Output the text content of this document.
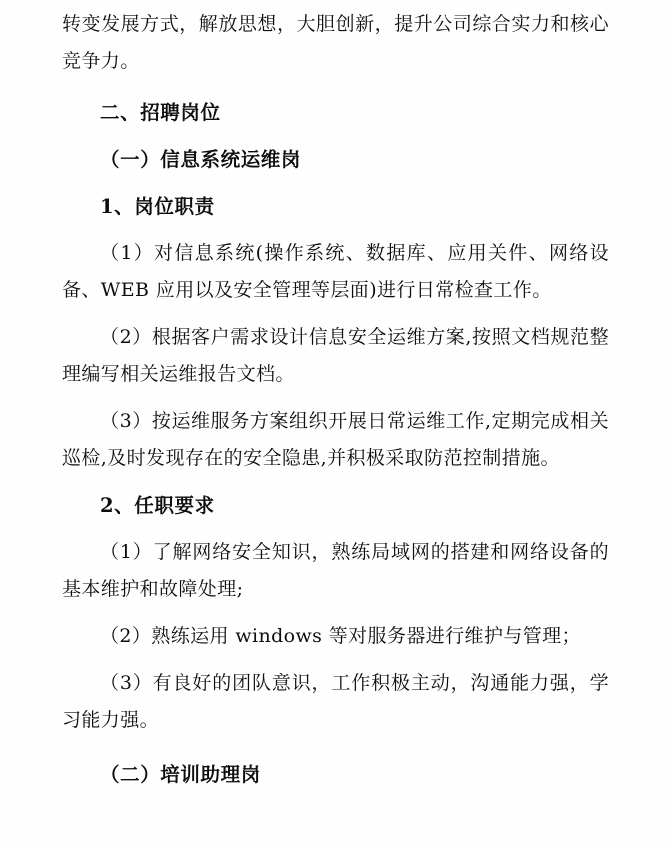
转变发展方式，解放思想，大胆创新，提升公司综合实力和核心竞争力。

二、招聘岗位

（一）信息系统运维岗

1、岗位职责

（1）对信息系统(操作系统、数据库、应用关件、网络设备、WEB 应用以及安全管理等层面)进行日常检查工作。

（2）根据客户需求设计信息安全运维方案,按照文档规范整理编写相关运维报告文档。

（3）按运维服务方案组织开展日常运维工作,定期完成相关巡检,及时发现存在的安全隐患,并积极采取防范控制措施。

2、任职要求

（1）了解网络安全知识，熟练局域网的搭建和网络设备的基本维护和故障处理;

（2）熟练运用 windows 等对服务器进行维护与管理；

（3）有良好的团队意识，工作积极主动，沟通能力强，学习能力强。

（二）培训助理岗
